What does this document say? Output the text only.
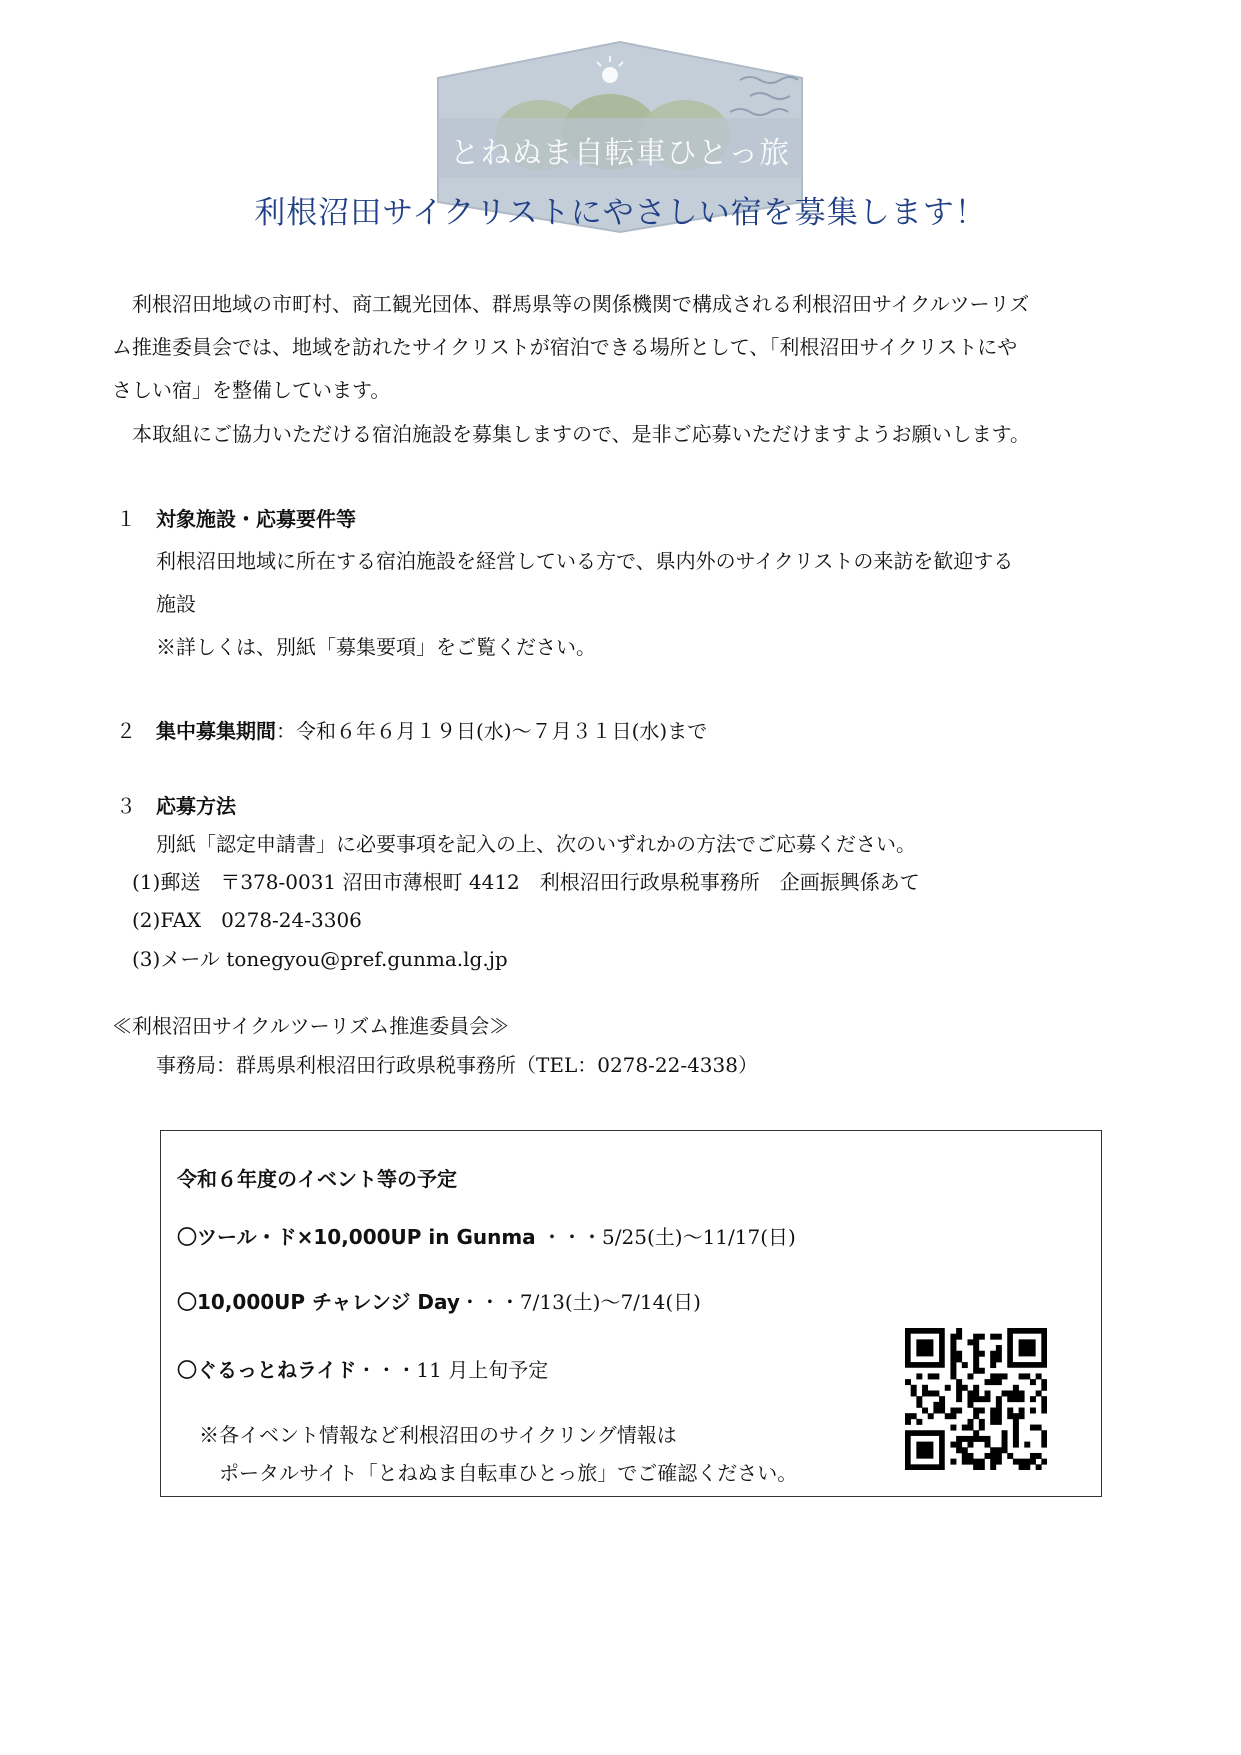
とねぬま自転車ひとっ旅
利根沼田サイクリストにやさしい宿を募集します！
利根沼田地域の市町村、商工観光団体、群馬県等の関係機関で構成される利根沼田サイクルツーリズ
ム推進委員会では、地域を訪れたサイクリストが宿泊できる場所として、「利根沼田サイクリストにや
さしい宿」を整備しています。
本取組にご協力いただける宿泊施設を募集しますので、是非ご応募いただけますようお願いします。
１ 対象施設・応募要件等
利根沼田地域に所在する宿泊施設を経営している方で、県内外のサイクリストの来訪を歓迎する
施設
※詳しくは、別紙「募集要項」をご覧ください。
２ 集中募集期間：令和６年６月１９日(水)～７月３１日(水)まで
３ 応募方法
別紙「認定申請書」に必要事項を記入の上、次のいずれかの方法でご応募ください。
(1)郵送　〒378-0031 沼田市薄根町 4412　利根沼田行政県税事務所　企画振興係あて
(2)FAX　0278-24-3306
(3)メール tonegyou@pref.gunma.lg.jp
≪利根沼田サイクルツーリズム推進委員会≫
事務局：群馬県利根沼田行政県税事務所（TEL：0278-22-4338）
令和６年度のイベント等の予定
〇ツール・ド×10,000UP in Gunma ・・・5/25(土)～11/17(日)
〇10,000UP チャレンジ Day・・・7/13(土)～7/14(日)
〇ぐるっとねライド・・・11 月上旬予定
※各イベント情報など利根沼田のサイクリング情報は
ポータルサイト「とねぬま自転車ひとっ旅」でご確認ください。
